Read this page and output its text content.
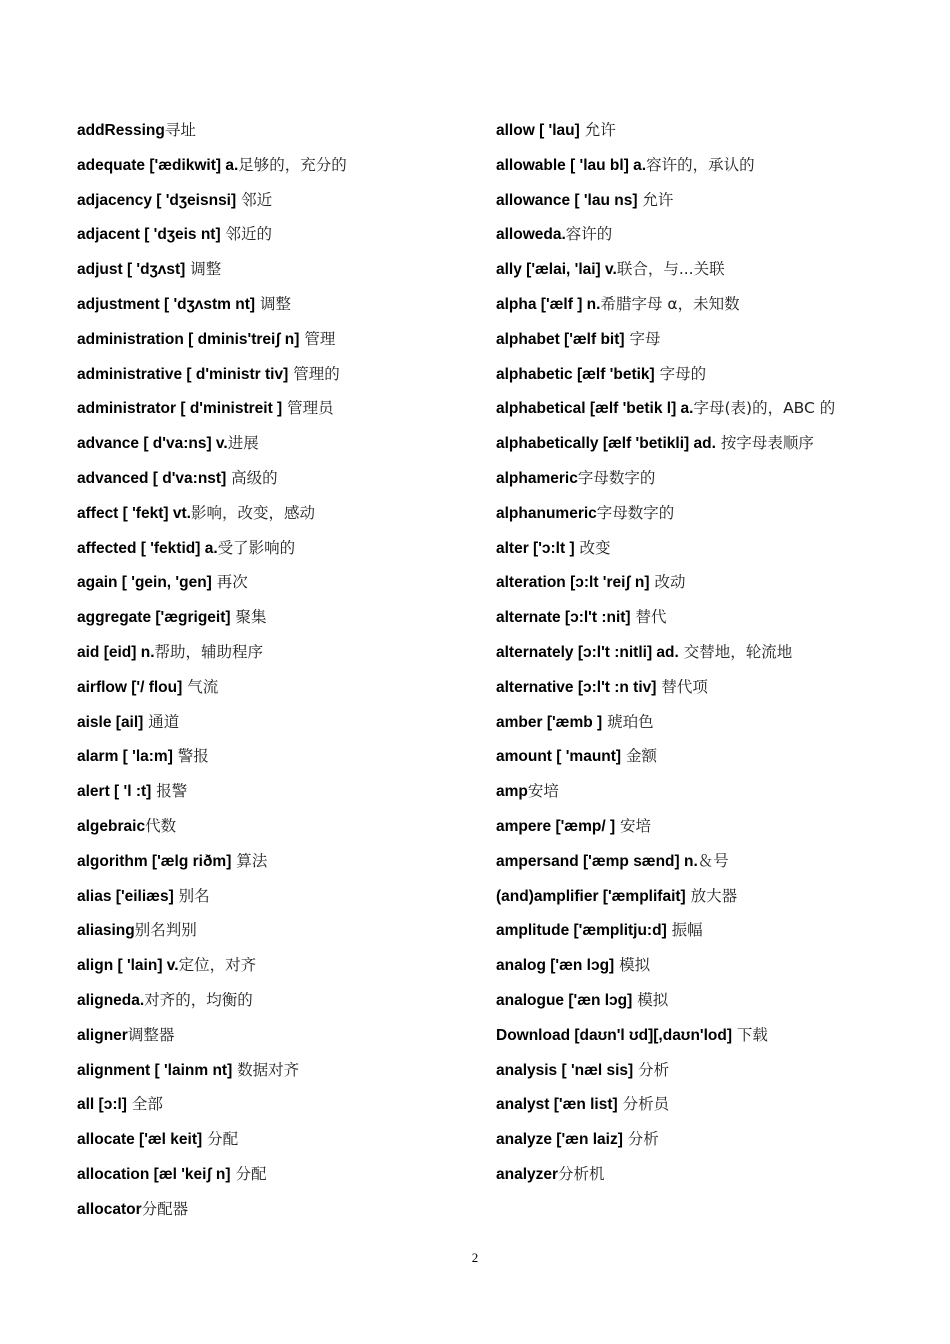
addRessing寻址
adequate ['ædikwit] a.足够的，充分的
adjacency [ 'dʒeisnsi] 邻近
adjacent [ 'dʒeis nt] 邻近的
adjust [ 'dʒʌst] 调整
adjustment [ 'dʒʌstm nt] 调整
administration [ dminis'treiʃ n] 管理
administrative [ d'ministr tiv] 管理的
administrator [ d'ministreit ] 管理员
advance [ d'va:ns] v.进展
advanced [ d'va:nst] 高级的
affect [ 'fekt] vt.影响，改变，感动
affected [ 'fektid] a.受了影响的
again [ 'gein, 'gen] 再次
aggregate ['ægrigeit] 聚集
aid [eid] n.帮助，辅助程序
airflow ['/ flou] 气流
aisle [ail] 通道
alarm [ 'la:m] 警报
alert [ 'l :t] 报警
algebraic代数
algorithm ['ælg riðm] 算法
alias ['eiliæs] 别名
aliasing别名判别
align [ 'lain] v.定位，对齐
aligneda.对齐的，均衡的
aligner调整器
alignment [ 'lainm nt] 数据对齐
all [ɔ:l] 全部
allocate ['æl keit] 分配
allocation [æl 'keiʃ n] 分配
allocator分配器
allow [ 'lau] 允许
allowable [ 'lau bl] a.容许的，承认的
allowance [ 'lau ns] 允许
alloweda.容许的
ally ['ælai, 'lai] v.联合，与...关联
alpha ['ælf ] n.希腊字母 α，未知数
alphabet ['ælf bit] 字母
alphabetic [ælf 'betik] 字母的
alphabetical [ælf 'betik l] a.字母(表)的，ABC 的
alphabetically [ælf 'betikli] ad. 按字母表顺序
alphameric字母数字的
alphanumeric字母数字的
alter ['ɔ:lt ] 改变
alteration [ɔ:lt 'reiʃ n] 改动
alternate [ɔ:l't :nit] 替代
alternately [ɔ:l't :nitli] ad. 交替地，轮流地
alternative [ɔ:l't :n tiv] 替代项
amber ['æmb ] 琥珀色
amount [ 'maunt] 金额
amp安培
ampere ['æmp/ ] 安培
ampersand ['æmp sænd] n.＆号
(and)amplifier ['æmplifait] 放大器
amplitude ['æmplitju:d] 振幅
analog ['æn lɔg] 模拟
analogue ['æn lɔg] 模拟
Download [daʊn'l ʊd][,daʊn'lod] 下载
analysis [ 'næl sis] 分析
analyst ['æn list] 分析员
analyze ['æn laiz] 分析
analyzer分析机
2
